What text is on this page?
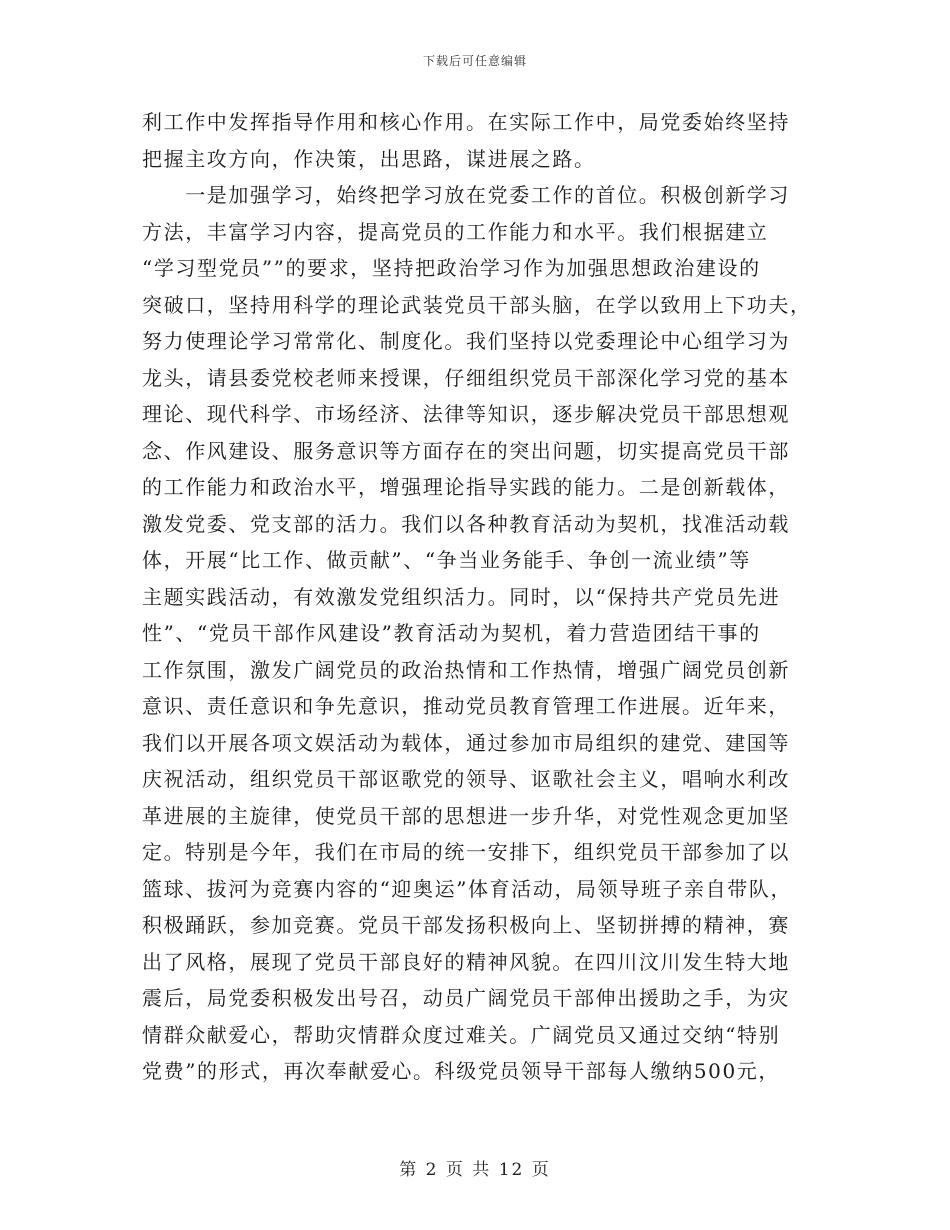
下载后可任意编辑
利工作中发挥指导作用和核心作用。在实际工作中，局党委始终坚持
把握主攻方向，作决策，出思路，谋进展之路。
　　一是加强学习，始终把学习放在党委工作的首位。积极创新学习
方法，丰富学习内容，提高党员的工作能力和水平。我们根据建立
“学习型党员””的要求，坚持把政治学习作为加强思想政治建设的
突破口，坚持用科学的理论武装党员干部头脑，在学以致用上下功夫，
努力使理论学习常常化、制度化。我们坚持以党委理论中心组学习为
龙头，请县委党校老师来授课，仔细组织党员干部深化学习党的基本
理论、现代科学、市场经济、法律等知识，逐步解决党员干部思想观
念、作风建设、服务意识等方面存在的突出问题，切实提高党员干部
的工作能力和政治水平，增强理论指导实践的能力。二是创新载体，
激发党委、党支部的活力。我们以各种教育活动为契机，找准活动载
体，开展“比工作、做贡献”、“争当业务能手、争创一流业绩”等
主题实践活动，有效激发党组织活力。同时，以“保持共产党员先进
性”、“党员干部作风建设”教育活动为契机，着力营造团结干事的
工作氛围，激发广阔党员的政治热情和工作热情，增强广阔党员创新
意识、责任意识和争先意识，推动党员教育管理工作进展。近年来，
我们以开展各项文娱活动为载体，通过参加市局组织的建党、建国等
庆祝活动，组织党员干部讴歌党的领导、讴歌社会主义，唱响水利改
革进展的主旋律，使党员干部的思想进一步升华，对党性观念更加坚
定。特别是今年，我们在市局的统一安排下，组织党员干部参加了以
篮球、拔河为竞赛内容的“迎奥运”体育活动，局领导班子亲自带队，
积极踊跃，参加竞赛。党员干部发扬积极向上、坚韧拼搏的精神，赛
出了风格，展现了党员干部良好的精神风貌。在四川汶川发生特大地
震后，局党委积极发出号召，动员广阔党员干部伸出援助之手，为灾
情群众献爱心，帮助灾情群众度过难关。广阔党员又通过交纳“特别
党费”的形式，再次奉献爱心。科级党员领导干部每人缴纳500元，
第 2 页 共 12 页
